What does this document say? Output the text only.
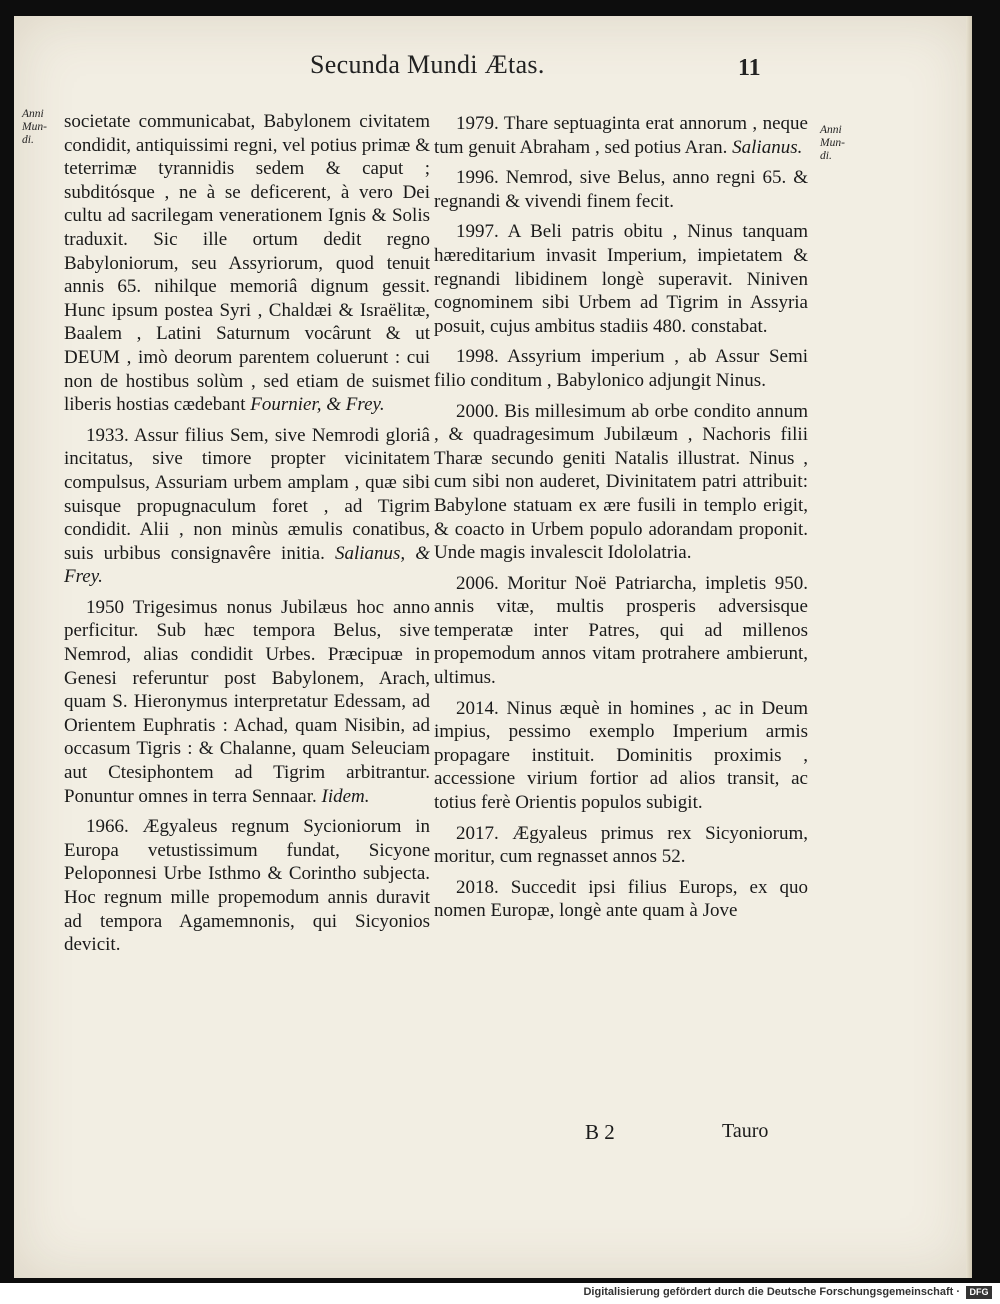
Secunda Mundi Ætas.	11
Anni
Mun-
di.
Anni
Mun-
di.

societate communicabat, Babylonem civitatem condidit, antiquissimi regni, vel potius primæ & teterrimæ tyrannidis sedem & caput ; subditósque , ne à se deficerent, à vero Dei cultu ad sacrilegam venerationem Ignis & Solis traduxit. Sic ille ortum dedit regno Babyloniorum, seu Assyriorum, quod tenuit annis 65. nihilque memoriâ dignum gessit. Hunc ipsum postea Syri , Chaldæi & Israëlitæ, Baalem , Latini Saturnum vocârunt & ut DEUM , imò deorum parentem coluerunt : cui non de hostibus solùm , sed etiam de suismet liberis hostias cædebant Fournier, & Frey.

1933. Assur filius Sem, sive Nemrodi gloriâ incitatus, sive timore propter vicinitatem compulsus, Assuriam urbem amplam , quæ sibi suisque propugnaculum foret , ad Tigrim condidit. Alii , non minùs æmulis conatibus, suis urbibus consignavêre initia. Salianus, & Frey.

1950 Trigesimus nonus Jubilæus hoc anno perficitur. Sub hæc tempora Belus, sive Nemrod, alias condidit Urbes. Præcipuæ in Genesi referuntur post Babylonem, Arach, quam S. Hieronymus interpretatur Edessam, ad Orientem Euphratis : Achad, quam Nisibin, ad occasum Tigris : & Chalanne, quam Seleuciam aut Ctesiphontem ad Tigrim arbitrantur. Ponuntur omnes in terra Sennaar. Iidem.

1966. Ægyaleus regnum Sycioniorum in Europa vetustissimum fundat, Sicyone Peloponnesi Urbe Isthmo & Corintho subjecta. Hoc regnum mille propemodum annis duravit ad tempora Agamemnonis, qui Sicyonios devicit.

1979. Thare septuaginta erat annorum , neque tum genuit Abraham , sed potius Aran. Salianus.

1996. Nemrod, sive Belus, anno regni 65. & regnandi & vivendi finem fecit.

1997. A Beli patris obitu , Ninus tanquam hæreditarium invasit Imperium, impietatem & regnandi libidinem longè superavit. Niniven cognominem sibi Urbem ad Tigrim in Assyria posuit, cujus ambitus stadiis 480. constabat.

1998. Assyrium imperium , ab Assur Semi filio conditum , Babylonico adjungit Ninus.

2000. Bis millesimum ab orbe condito annum , & quadragesimum Jubilæum , Nachoris filii Tharæ secundo geniti Natalis illustrat. Ninus , cum sibi non auderet, Divinitatem patri attribuit: Babylone statuam ex ære fusili in templo erigit, & coacto in Urbem populo adorandam proponit. Unde magis invalescit Idololatria.

2006. Moritur Noë Patriarcha, impletis 950. annis vitæ, multis prosperis adversisque temperatæ inter Patres, qui ad millenos propemodum annos vitam protrahere ambierunt, ultimus.

2014. Ninus æquè in homines , ac in Deum impius, pessimo exemplo Imperium armis propagare instituit. Dominitis proximis , accessione virium fortior ad alios transit, ac totius ferè Orientis populos subigit.

2017. Ægyaleus primus rex Sicyoniorum, moritur, cum regnasset annos 52.

2018. Succedit ipsi filius Europs, ex quo nomen Europæ, longè ante quam à Jove

B 2	Tauro
Digitalisierung gefördert durch die Deutsche Forschungsgemeinschaft ·	DFG
